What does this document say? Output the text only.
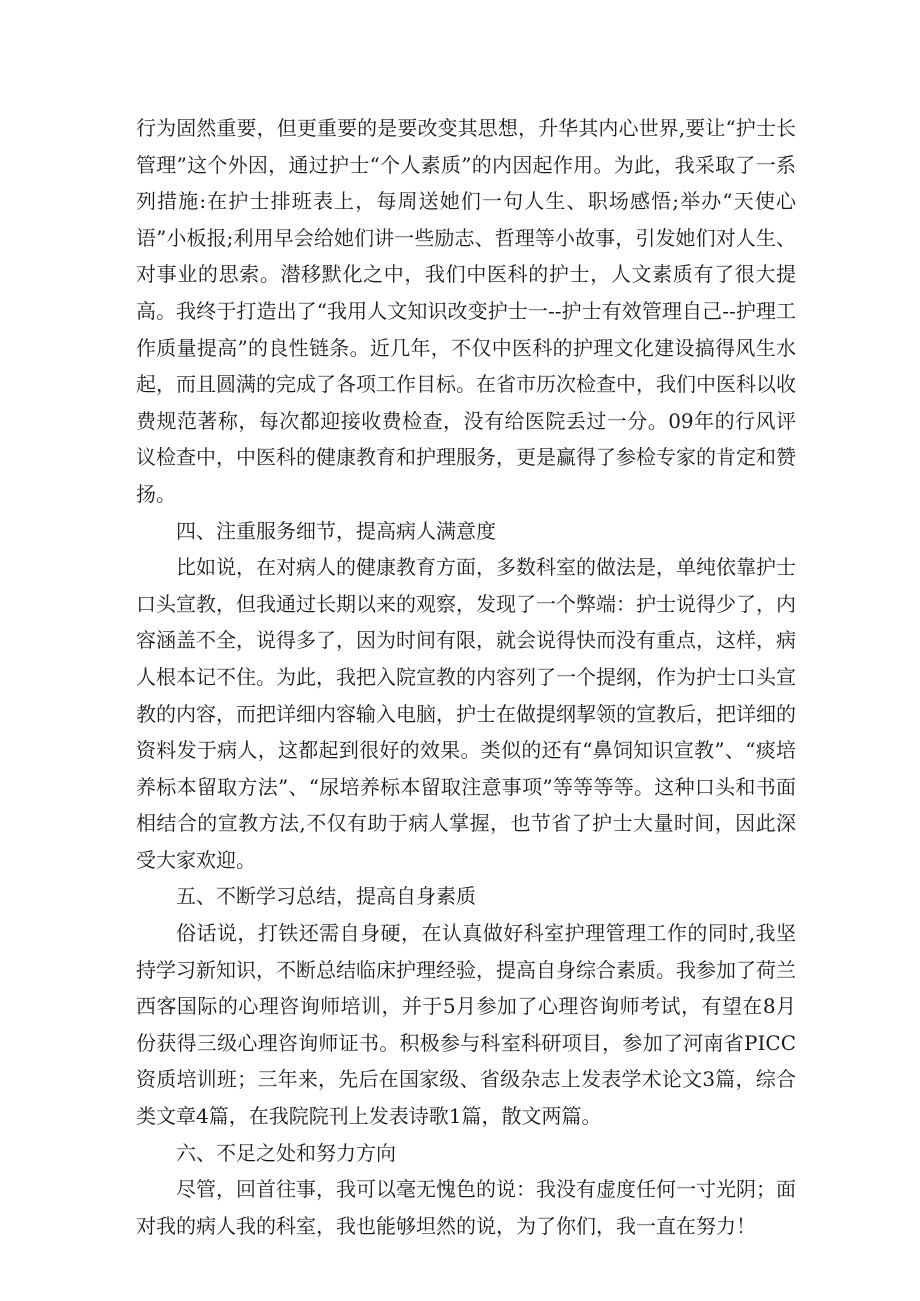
行为固然重要，但更重要的是要改变其思想，升华其内心世界,要让“护士长管理”这个外因，通过护士“个人素质”的内因起作用。为此，我采取了一系列措施:在护士排班表上，每周送她们一句人生、职场感悟;举办“天使心语”小板报;利用早会给她们讲一些励志、哲理等小故事，引发她们对人生、对事业的思索。潜移默化之中，我们中医科的护士，人文素质有了很大提高。我终于打造出了“我用人文知识改变护士一--护士有效管理自己--护理工作质量提高”的良性链条。近几年，不仅中医科的护理文化建设搞得风生水起，而且圆满的完成了各项工作目标。在省市历次检查中，我们中医科以收费规范著称，每次都迎接收费检查，没有给医院丢过一分。09年的行风评议检查中，中医科的健康教育和护理服务，更是赢得了参检专家的肯定和赞扬。

四、注重服务细节，提高病人满意度

比如说，在对病人的健康教育方面，多数科室的做法是，单纯依靠护士口头宣教，但我通过长期以来的观察，发现了一个弊端：护士说得少了，内容涵盖不全，说得多了，因为时间有限，就会说得快而没有重点，这样，病人根本记不住。为此，我把入院宣教的内容列了一个提纲，作为护士口头宣教的内容，而把详细内容输入电脑，护士在做提纲挈领的宣教后，把详细的资料发于病人，这都起到很好的效果。类似的还有“鼻饲知识宣教”、“痰培养标本留取方法”、“尿培养标本留取注意事项”等等等等。这种口头和书面相结合的宣教方法,不仅有助于病人掌握，也节省了护士大量时间，因此深受大家欢迎。

五、不断学习总结，提高自身素质

俗话说，打铁还需自身硬，在认真做好科室护理管理工作的同时,我坚持学习新知识，不断总结临床护理经验，提高自身综合素质。我参加了荷兰西客国际的心理咨询师培训，并于5月参加了心理咨询师考试，有望在8月份获得三级心理咨询师证书。积极参与科室科研项目，参加了河南省PICC资质培训班；三年来，先后在国家级、省级杂志上发表学术论文3篇，综合类文章4篇，在我院院刊上发表诗歌1篇，散文两篇。

六、不足之处和努力方向

尽管，回首往事，我可以毫无愧色的说：我没有虚度任何一寸光阴；面对我的病人我的科室，我也能够坦然的说，为了你们，我一直在努力！
